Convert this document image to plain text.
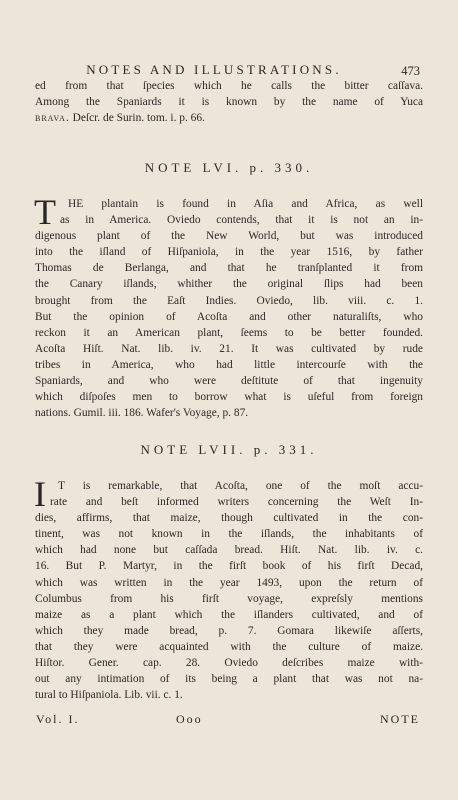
NOTES AND ILLUSTRATIONS.	473
ed from that ſpecies which he calls the bitter caſſava.
Among the Spaniards it is known by the name of Yuca
brava. Deſcr. de Surin. tom. i. p. 66.
NOTE LVI. p. 330.
T	HE plantain is found in Aſia and Africa, as well
as in America. Oviedo contends, that it is not an in-
digenous plant of the New World, but was introduced
into the iſland of Hiſpaniola, in the year 1516, by father
Thomas de Berlanga, and that he tranſplanted it from
the Canary iſlands, whither the original ſlips had been
brought from the Eaſt Indies. Oviedo, lib. viii. c. 1.
But the opinion of Acoſta and other naturaliſts, who
reckon it an American plant, ſeems to be better founded.
Acoſta Hiſt. Nat. lib. iv. 21. It was cultivated by rude
tribes in America, who had little intercourſe with the
Spaniards, and who were deſtitute of that ingenuity
which diſpoſes men to borrow what is uſeful from foreign
nations. Gumil. iii. 186. Wafer's Voyage, p. 87.
NOTE LVII. p. 331.
I	T is remarkable, that Acoſta, one of the moſt accu-
rate and beſt informed writers concerning the Weſt In-
dies, affirms, that maize, though cultivated in the con-
tinent, was not known in the iſlands, the inhabitants of
which had none but caſſada bread. Hiſt. Nat. lib. iv. c.
16. But P. Martyr, in the firſt book of his firſt Decad,
which was written in the year 1493, upon the return of
Columbus from his firſt voyage, expreſsly mentions
maize as a plant which the iſlanders cultivated, and of
which they made bread, p. 7. Gomara likewiſe aſſerts,
that they were acquainted with the culture of maize.
Hiſtor. Gener. cap. 28. Oviedo deſcribes maize with-
out any intimation of its being a plant that was not na-
tural to Hiſpaniola. Lib. vii. c. 1.
Vol. I.	Ooo	NOTE
